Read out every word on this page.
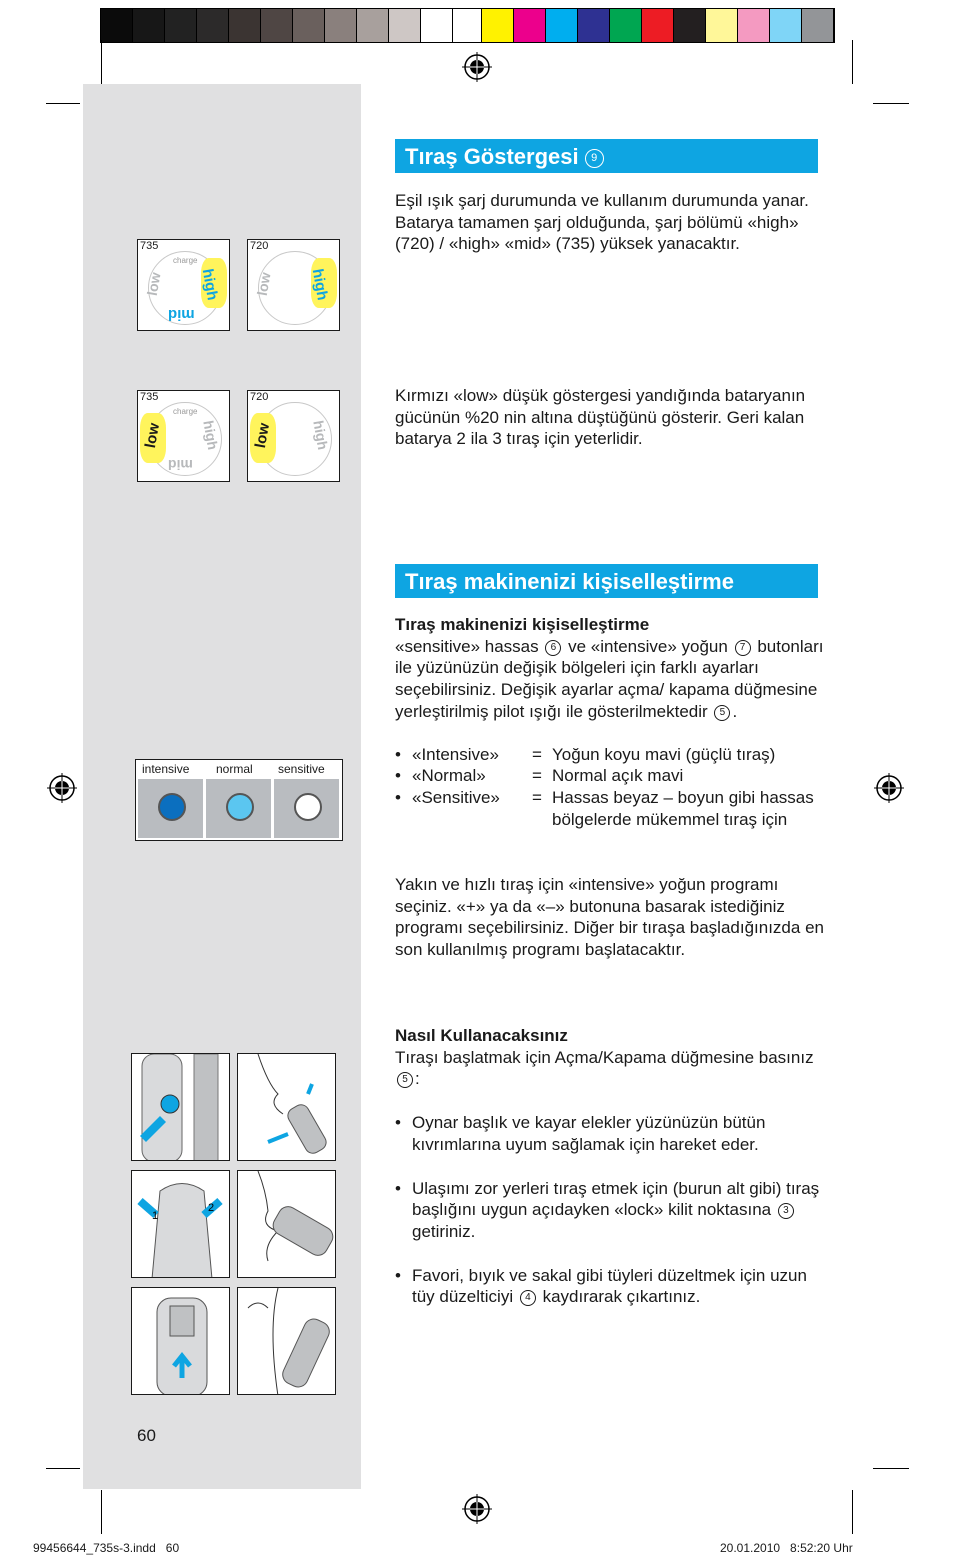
735
charge
low
mid
high
720
low high
735
charge
low
mid
high
720
low	high
intensive normal sensitive
1
2
Tıraş Göstergesi 9

Eşil ışık şarj durumunda ve kullanım durumunda yanar.

Batarya tamamen şarj olduğunda, şarj bölümü «high» (720) / «high» «mid» (735) yüksek yanacaktır.

Kırmızı «low» düşük göstergesi yandığında bataryanın gücünün %20 nin altına düştüğünü gösterir. Geri kalan batarya 2 ila 3 tıraş için yeterlidir.

Tıraş makinenizi kişiselleştirme

Tıraş makinenizi kişiselleştirme

«sensitive» hassas 6 ve «intensive» yoğun 7 butonları ile yüzünüzün değişik bölgeleri için farklı ayarları seçebilirsiniz. Değişik ayarlar açma/ kapama düğmesine yerleştirilmiş pilot ışığı ile gösterilmektedir 5 .

• «Intensive»	= Yoğun koyu mavi (güçlü tıraş)
• «Normal»	= Normal açık mavi
• «Sensitive»	= Hassas beyaz – boyun gibi hassas bölgelerde mükemmel tıraş için

Yakın ve hızlı tıraş için «intensive» yoğun programı seçiniz. «+» ya da «–» butonuna basarak istediğiniz programı seçebilirsiniz. Diğer bir tıraşa başladığınızda en son kullanılmış programı başlatacaktır.

Nasıl Kullanacaksınız

Tıraşı başlatmak için Açma/Kapama düğmesine basınız 5 :

• Oynar başlık ve kayar elekler yüzünüzün bütün kıvrımlarına uyum sağlamak için hareket eder.
• Ulaşımı zor yerleri tıraş etmek için (burun alt gibi) tıraş başlığını uygun açıdayken «lock» kilit noktasına 3 getiriniz.
• Favori, bıyık ve sakal gibi tüyleri düzeltmek için uzun tüy düzelticiyi 4 kaydırarak çıkartınız.
60
99456644_735s-3.indd   60	20.01.2010   8:52:20 Uhr
